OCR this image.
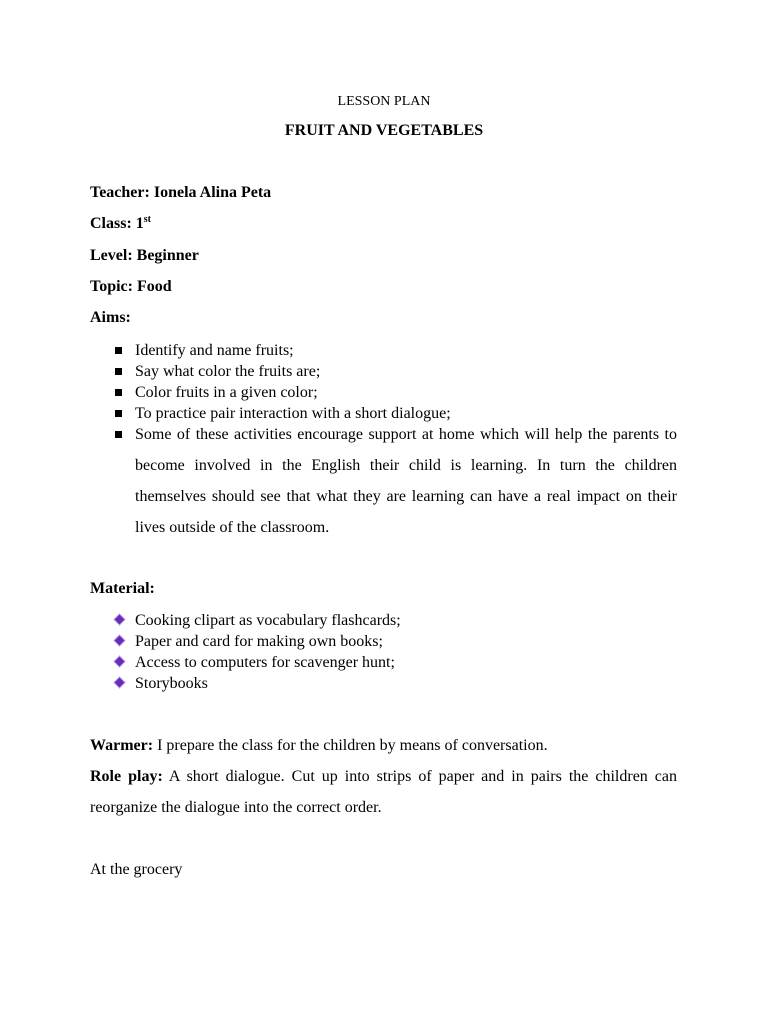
LESSON PLAN
FRUIT AND VEGETABLES
Teacher: Ionela Alina Peta
Class: 1st
Level: Beginner
Topic: Food
Aims:
Identify and name fruits;
Say what color the fruits are;
Color fruits in a given color;
To practice pair interaction with a short dialogue;
Some of these activities encourage support at home which will help the parents to become involved in the English their child is learning. In turn the children themselves should see that what they are learning can have a real impact on their lives outside of the classroom.
Material:
Cooking clipart as vocabulary flashcards;
Paper and card for making own books;
Access to computers for scavenger hunt;
Storybooks
Warmer: I prepare the class for the children by means of conversation.
Role play: A short dialogue. Cut up into strips of paper and in pairs the children can reorganize the dialogue into the correct order.
At the grocery
